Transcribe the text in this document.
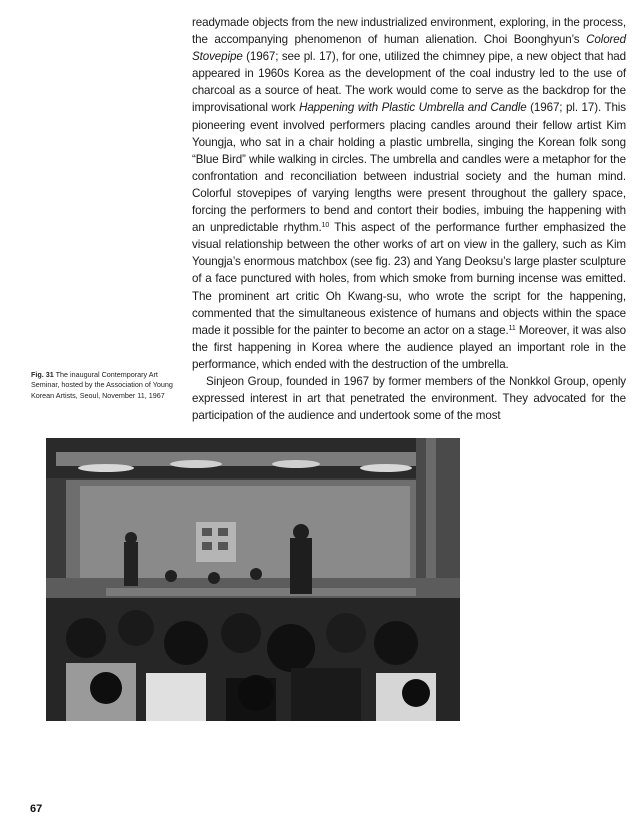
readymade objects from the new industrialized environment, exploring, in the process, the accompanying phenomenon of human alienation. Choi Boonghyun’s Colored Stovepipe (1967; see pl. 17), for one, utilized the chimney pipe, a new object that had appeared in 1960s Korea as the development of the coal industry led to the use of charcoal as a source of heat. The work would come to serve as the backdrop for the improvisational work Happening with Plastic Umbrella and Candle (1967; pl. 17). This pioneering event involved performers placing candles around their fellow artist Kim Youngja, who sat in a chair holding a plastic umbrella, singing the Korean folk song “Blue Bird” while walking in circles. The umbrella and candles were a metaphor for the confrontation and reconciliation between industrial society and the human mind. Colorful stovepipes of varying lengths were present throughout the gallery space, forcing the performers to bend and contort their bodies, imbuing the happening with an unpredictable rhythm.$^{10}$ This aspect of the performance further emphasized the visual relationship between the other works of art on view in the gallery, such as Kim Youngja’s enormous matchbox (see fig. 23) and Yang Deoksu’s large plaster sculpture of a face punctured with holes, from which smoke from burning incense was emitted. The prominent art critic Oh Kwang-su, who wrote the script for the happening, commented that the simultaneous existence of humans and objects within the space made it possible for the painter to become an actor on a stage.$^{11}$ Moreover, it was also the first happening in Korea where the audience played an important role in the performance, which ended with the destruction of the umbrella.

Sinjeon Group, founded in 1967 by former members of the Nonkkol Group, openly expressed interest in art that penetrated the environment. They advocated for the participation of the audience and undertook some of the most

Fig. 31 The inaugural Contemporary Art Seminar, hosted by the Association of Young Korean Artists, Seoul, November 11, 1967
67
